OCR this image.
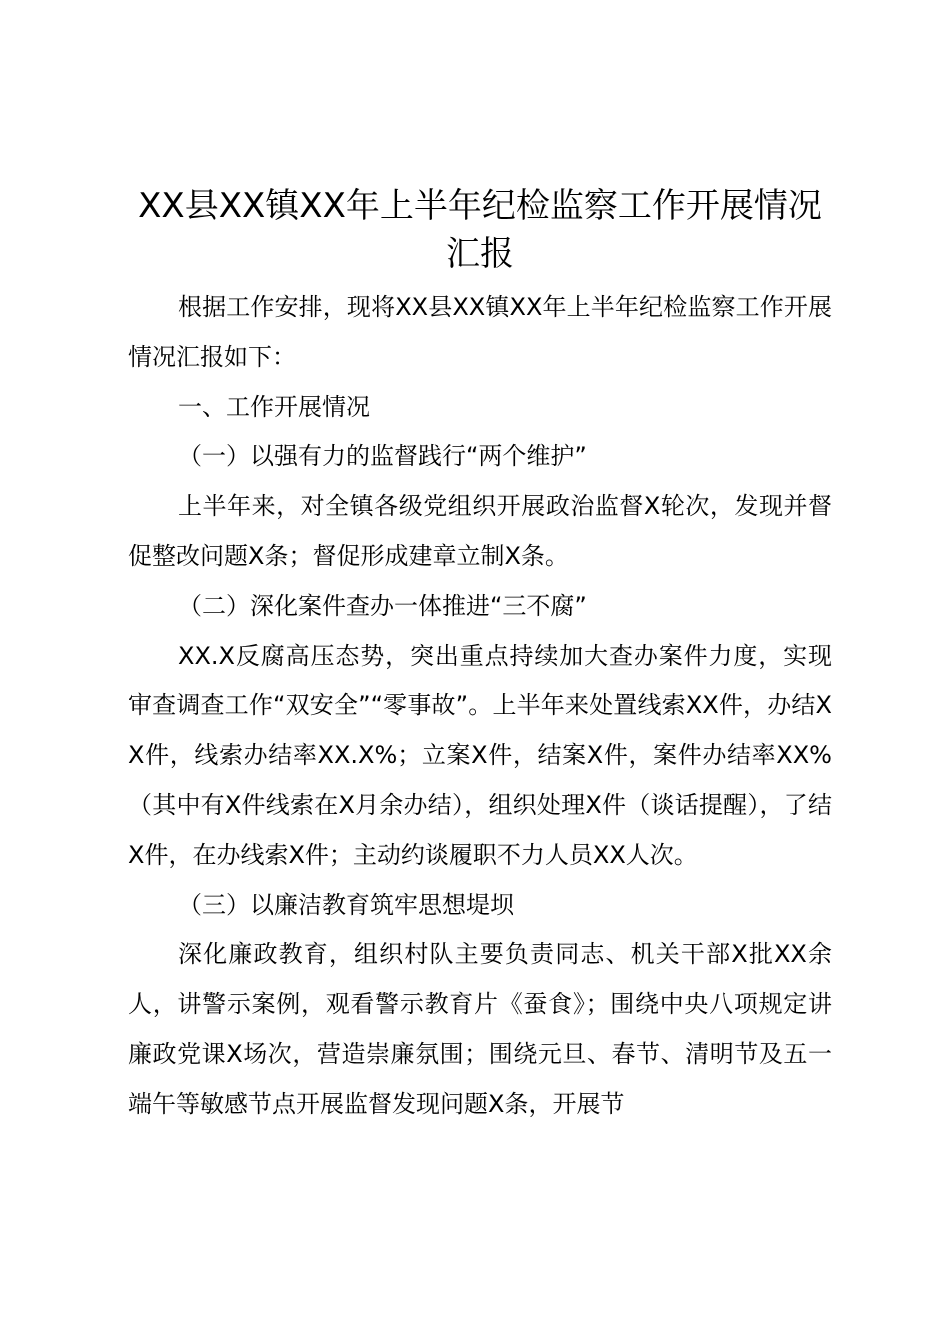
XX县XX镇XX年上半年纪检监察工作开展情况汇报

根据工作安排，现将XX县XX镇XX年上半年纪检监察工作开展情况汇报如下：

一、工作开展情况

（一）以强有力的监督践行“两个维护”

上半年来，对全镇各级党组织开展政治监督X轮次，发现并督促整改问题X条；督促形成建章立制X条。

（二）深化案件查办一体推进“三不腐”

XX.X反腐高压态势，突出重点持续加大查办案件力度，实现审查调查工作“双安全”“零事故”。上半年来处置线索XX件，办结XX件，线索办结率XX.X%；立案X件，结案X件，案件办结率XX%（其中有X件线索在X月余办结），组织处理X件（谈话提醒），了结X件，在办线索X件；主动约谈履职不力人员XX人次。

（三）以廉洁教育筑牢思想堤坝

深化廉政教育，组织村队主要负责同志、机关干部X批XX余人，讲警示案例，观看警示教育片《蚕食》；围绕中央八项规定讲廉政党课X场次，营造崇廉氛围；围绕元旦、春节、清明节及五一端午等敏感节点开展监督发现问题X条，开展节
